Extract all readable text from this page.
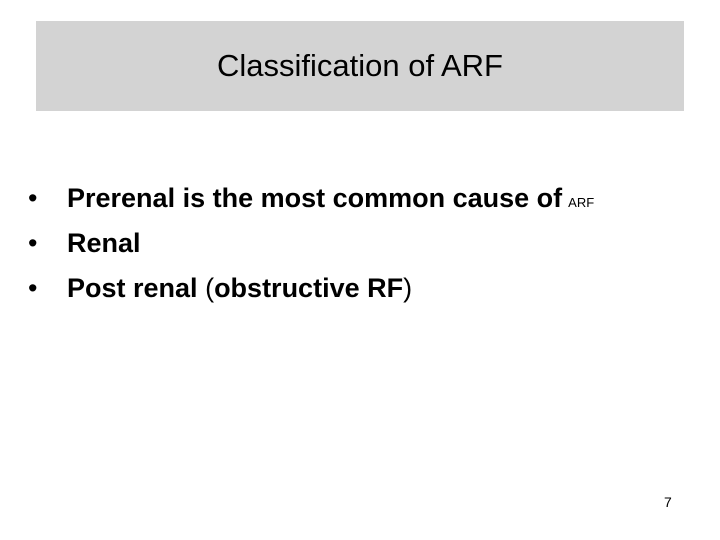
Classification of ARF
• Prerenal is the most common cause of ARF
• Renal
• Post renal (obstructive RF)
7
